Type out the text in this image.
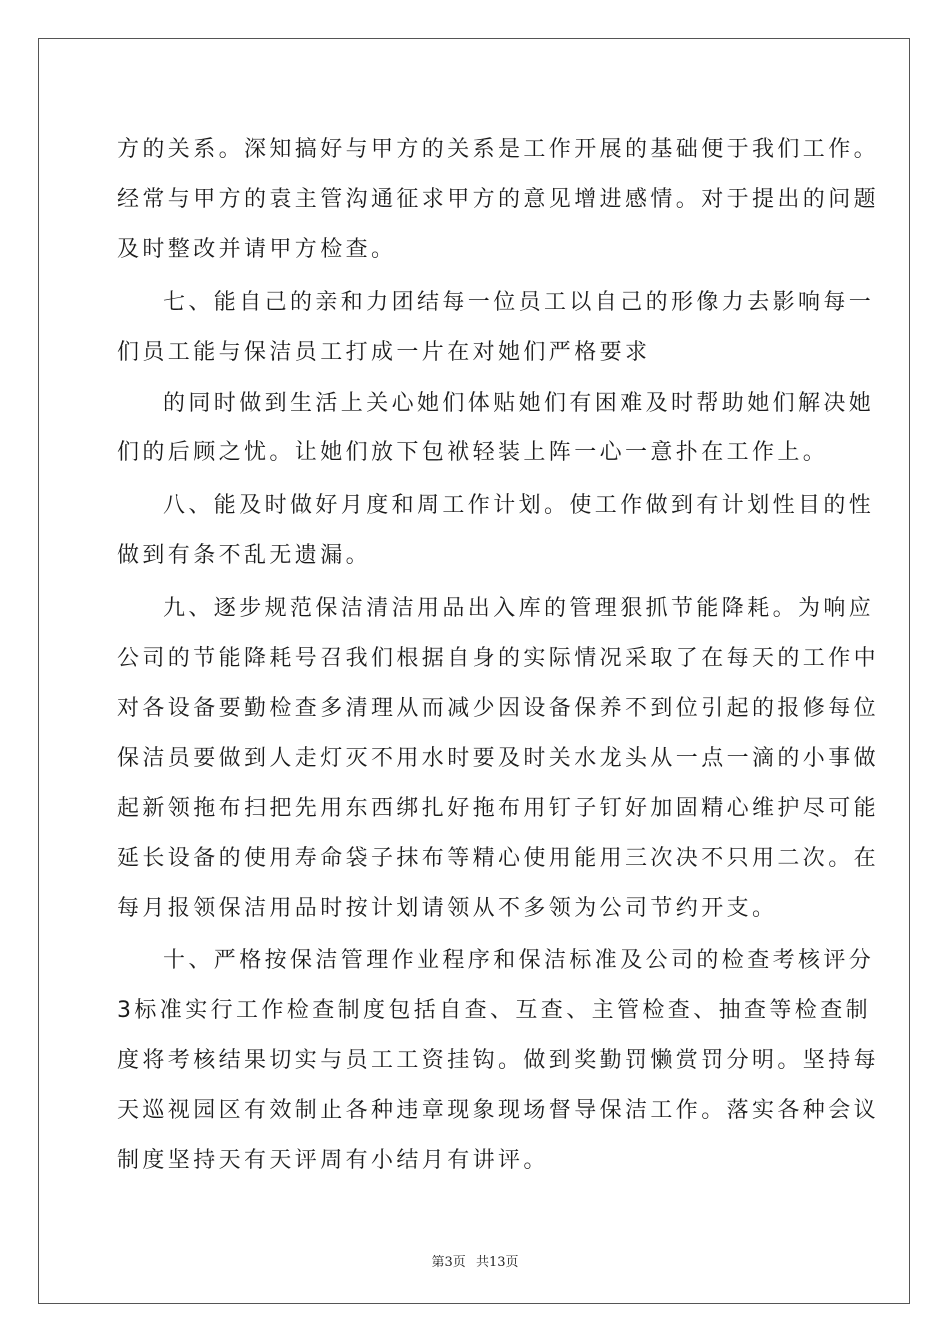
方的关系。深知搞好与甲方的关系是工作开展的基础便于我们工作。
经常与甲方的袁主管沟通征求甲方的意见增进感情。对于提出的问题
及时整改并请甲方检查。
七、能自己的亲和力团结每一位员工以自己的形像力去影响每一
们员工能与保洁员工打成一片在对她们严格要求
的同时做到生活上关心她们体贴她们有困难及时帮助她们解决她
们的后顾之忧。让她们放下包袱轻装上阵一心一意扑在工作上。
八、能及时做好月度和周工作计划。使工作做到有计划性目的性
做到有条不乱无遗漏。
九、逐步规范保洁清洁用品出入库的管理狠抓节能降耗。为响应
公司的节能降耗号召我们根据自身的实际情况采取了在每天的工作中
对各设备要勤检查多清理从而减少因设备保养不到位引起的报修每位
保洁员要做到人走灯灭不用水时要及时关水龙头从一点一滴的小事做
起新领拖布扫把先用东西绑扎好拖布用钉子钉好加固精心维护尽可能
延长设备的使用寿命袋子抹布等精心使用能用三次决不只用二次。在
每月报领保洁用品时按计划请领从不多领为公司节约开支。
十、严格按保洁管理作业程序和保洁标准及公司的检查考核评分
3标准实行工作检查制度包括自查、互查、主管检查、抽查等检查制
度将考核结果切实与员工工资挂钩。做到奖勤罚懒赏罚分明。坚持每
天巡视园区有效制止各种违章现象现场督导保洁工作。落实各种会议
制度坚持天有天评周有小结月有讲评。
第3页 共13页
